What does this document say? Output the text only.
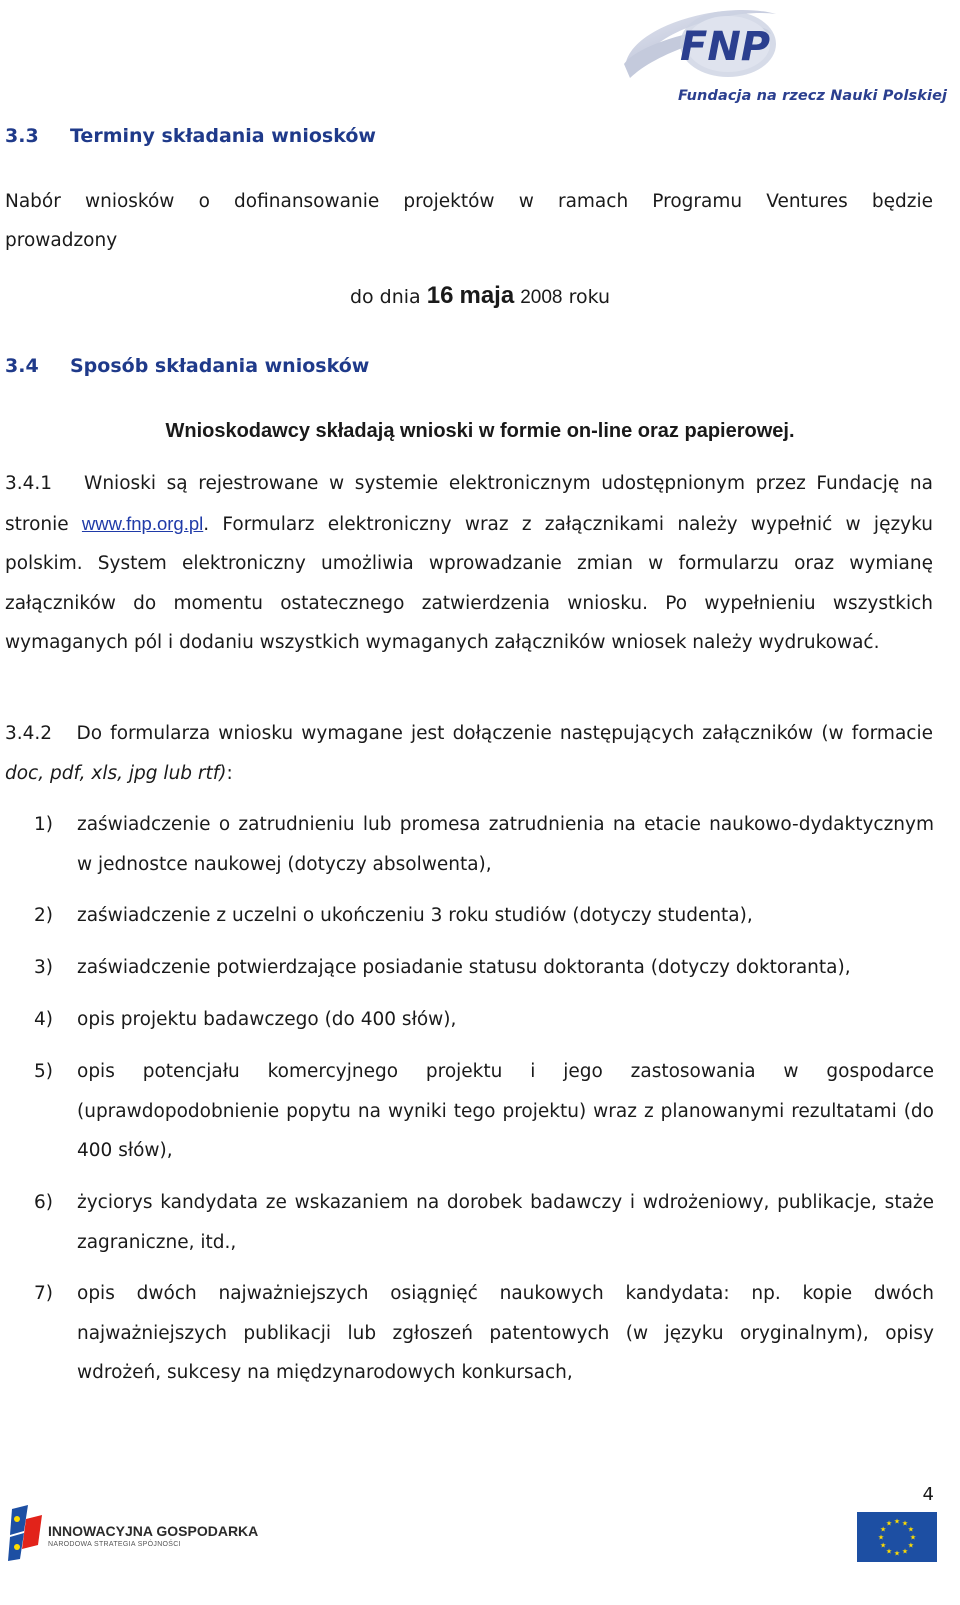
FNP
Fundacja na rzecz Nauki Polskiej
3.3 Terminy składania wniosków
Nabór wniosków o dofinansowanie projektów w ramach Programu Ventures będzie
prowadzony
do dnia 16 maja 2008 roku
3.4 Sposób składania wniosków
Wnioskodawcy składają wnioski w formie on-line oraz papierowej.
3.4.1 Wnioski są rejestrowane w systemie elektronicznym udostępnionym przez Fundację na stronie www.fnp.org.pl. Formularz elektroniczny wraz z załącznikami należy wypełnić w języku polskim. System elektroniczny umożliwia wprowadzanie zmian w formularzu oraz wymianę załączników do momentu ostatecznego zatwierdzenia wniosku. Po wypełnieniu wszystkich wymaganych pól i dodaniu wszystkich wymaganych załączników wniosek należy wydrukować.
3.4.2 Do formularza wniosku wymagane jest dołączenie następujących załączników (w formacie doc, pdf, xls, jpg lub rtf):
1) zaświadczenie o zatrudnieniu lub promesa zatrudnienia na etacie naukowo-dydaktycznym w jednostce naukowej (dotyczy absolwenta),
2) zaświadczenie z uczelni o ukończeniu 3 roku studiów (dotyczy studenta),
3) zaświadczenie potwierdzające posiadanie statusu doktoranta (dotyczy doktoranta),
4) opis projektu badawczego (do 400 słów),
5) opis potencjału komercyjnego projektu i jego zastosowania w gospodarce (uprawdopodobnienie popytu na wyniki tego projektu) wraz z planowanymi rezultatami (do 400 słów),
6) życiorys kandydata ze wskazaniem na dorobek badawczy i wdrożeniowy, publikacje, staże zagraniczne, itd.,
7) opis dwóch najważniejszych osiągnięć naukowych kandydata: np. kopie dwóch najważniejszych publikacji lub zgłoszeń patentowych (w języku oryginalnym), opisy wdrożeń, sukcesy na międzynarodowych konkursach,
4
INNOWACYJNA GOSPODARKA
NARODOWA STRATEGIA SPÓJNOŚCI
★
★
★
★
★
★
★
★
★ ★ ★
★
